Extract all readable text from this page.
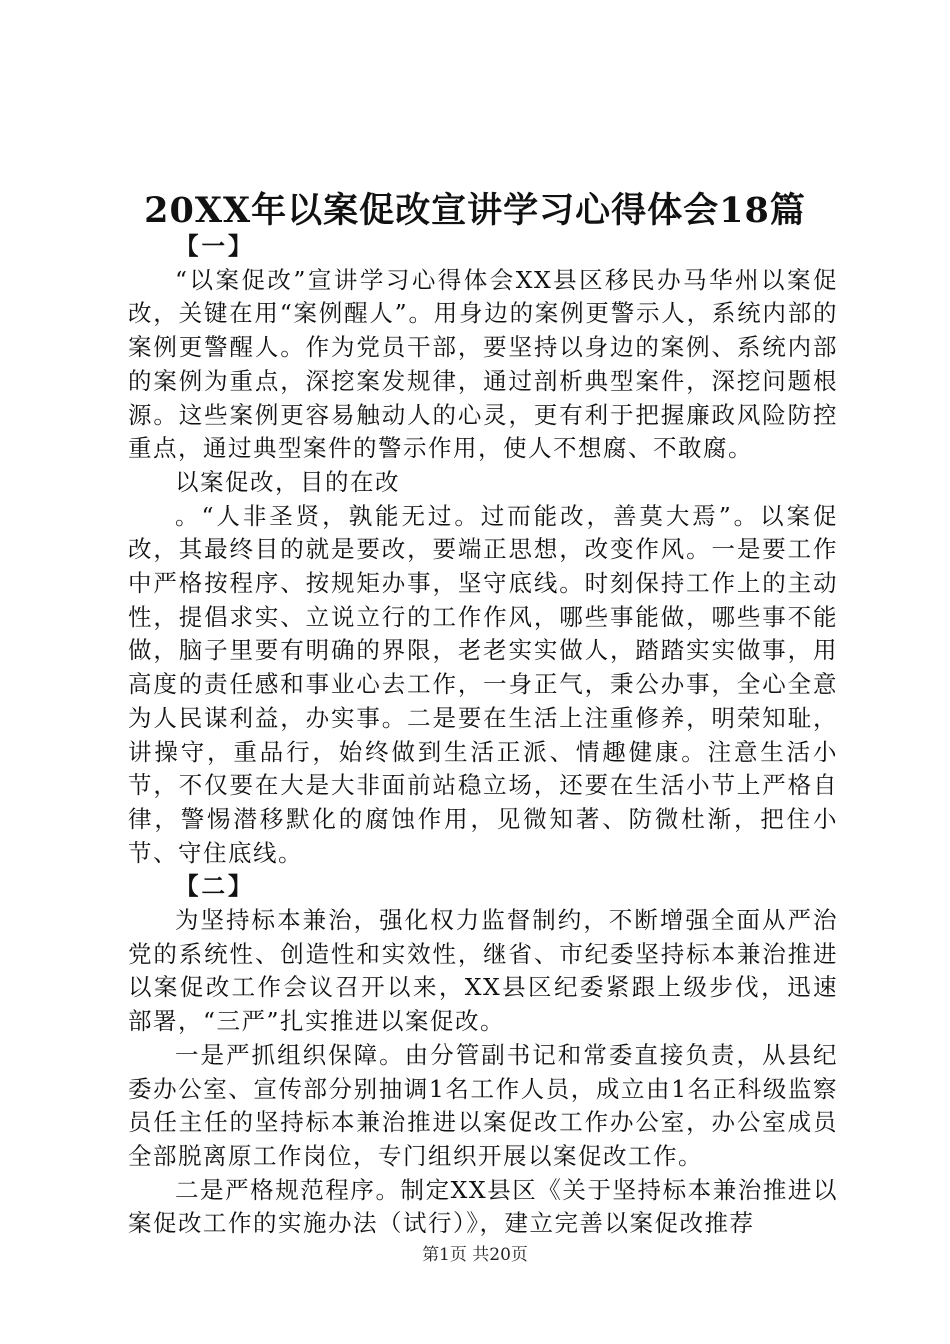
20XX年以案促改宣讲学习心得体会18篇

【一】

“以案促改”宣讲学习心得体会XX县区移民办马华州以案促改，关键在用“案例醒人”。用身边的案例更警示人，系统内部的案例更警醒人。作为党员干部，要坚持以身边的案例、系统内部的案例为重点，深挖案发规律，通过剖析典型案件，深挖问题根源。这些案例更容易触动人的心灵，更有利于把握廉政风险防控重点，通过典型案件的警示作用，使人不想腐、不敢腐。

以案促改，目的在改

。“人非圣贤，孰能无过。过而能改，善莫大焉”。以案促改，其最终目的就是要改，要端正思想，改变作风。一是要工作中严格按程序、按规矩办事，坚守底线。时刻保持工作上的主动性，提倡求实、立说立行的工作作风，哪些事能做，哪些事不能做，脑子里要有明确的界限，老老实实做人，踏踏实实做事，用高度的责任感和事业心去工作，一身正气，秉公办事，全心全意为人民谋利益，办实事。二是要在生活上注重修养，明荣知耻，讲操守，重品行，始终做到生活正派、情趣健康。注意生活小节，不仅要在大是大非面前站稳立场，还要在生活小节上严格自律，警惕潜移默化的腐蚀作用，见微知著、防微杜渐，把住小节、守住底线。

【二】

为坚持标本兼治，强化权力监督制约，不断增强全面从严治党的系统性、创造性和实效性，继省、市纪委坚持标本兼治推进以案促改工作会议召开以来，XX县区纪委紧跟上级步伐，迅速部署，“三严”扎实推进以案促改。

一是严抓组织保障。由分管副书记和常委直接负责，从县纪委办公室、宣传部分别抽调1名工作人员，成立由1名正科级监察员任主任的坚持标本兼治推进以案促改工作办公室，办公室成员全部脱离原工作岗位，专门组织开展以案促改工作。

二是严格规范程序。制定XX县区《关于坚持标本兼治推进以案促改工作的实施办法（试行）》，建立完善以案促改推荐

第1页 共20页
